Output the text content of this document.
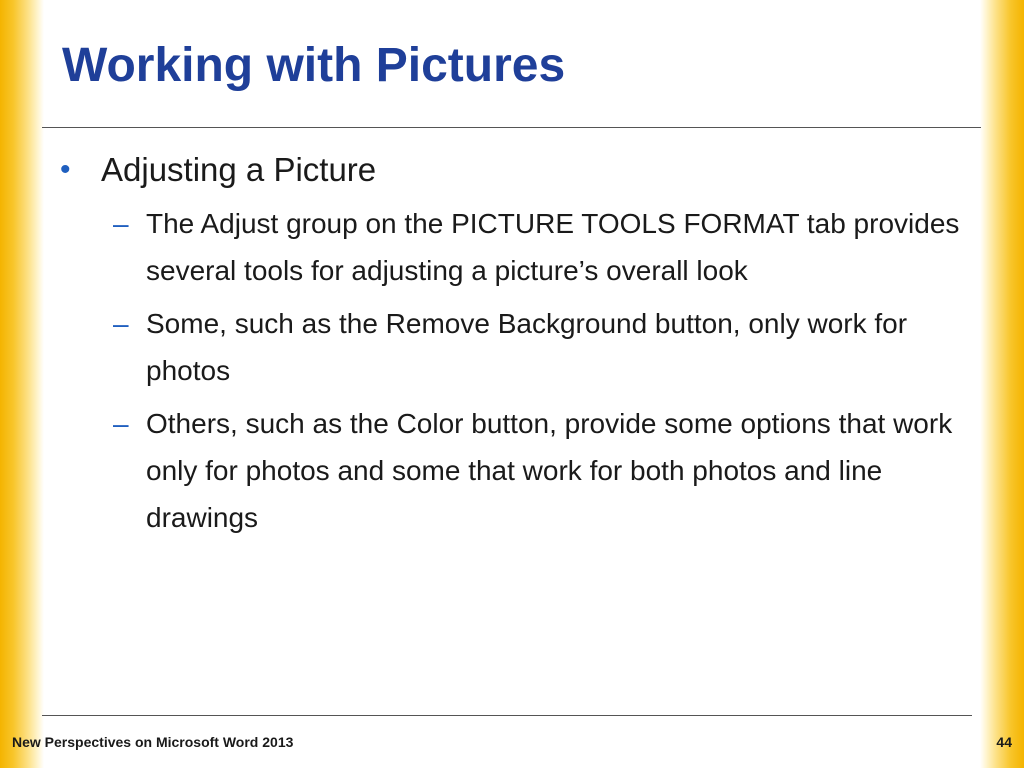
Working with Pictures
• Adjusting a Picture
– The Adjust group on the PICTURE TOOLS FORMAT tab provides several tools for adjusting a picture’s overall look
– Some, such as the Remove Background button, only work for photos
– Others, such as the Color button, provide some options that work only for photos and some that work for both photos and line drawings
New Perspectives on Microsoft Word 2013	44
